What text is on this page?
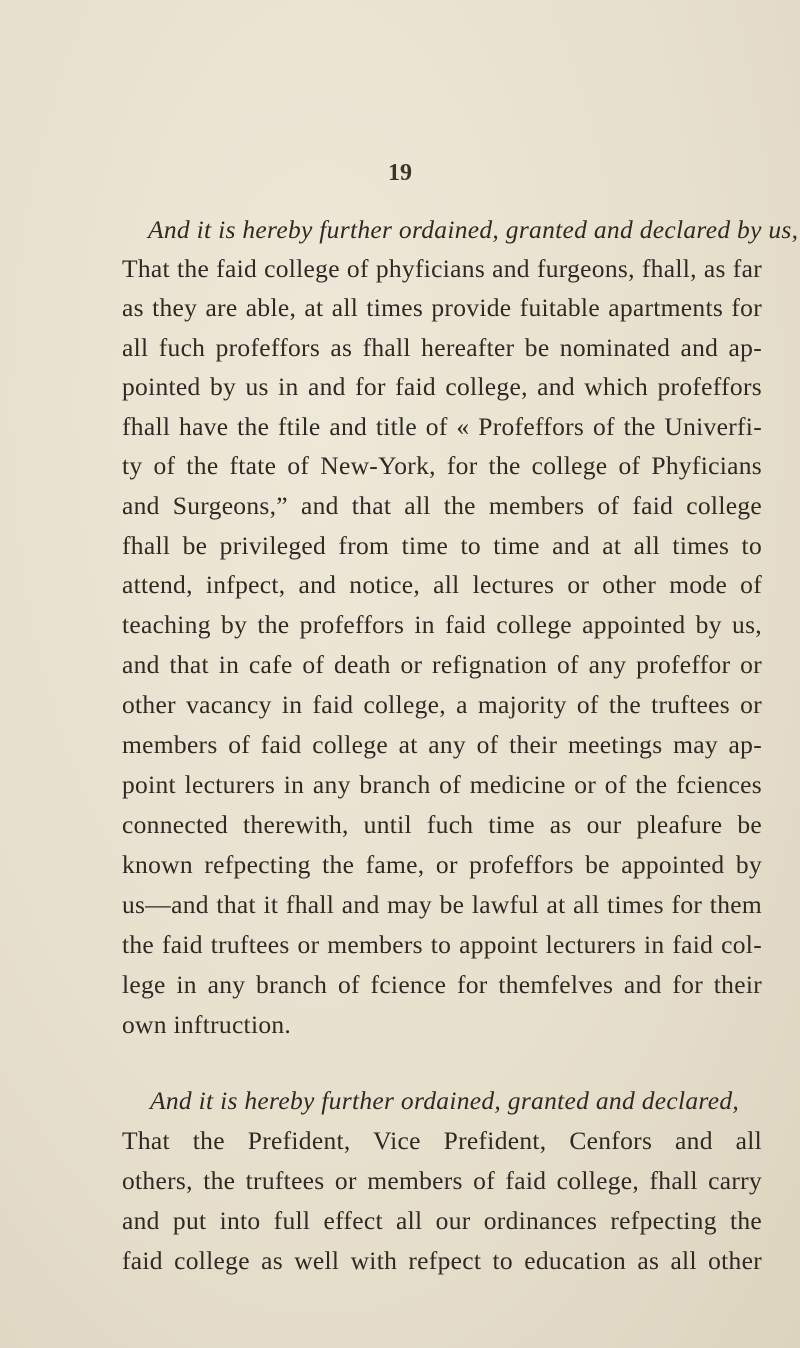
19
And it is hereby further ordained, granted and declared by us,
That the faid college of phyficians and furgeons, fhall, as far
as they are able, at all times provide fuitable apartments for
all fuch profeffors as fhall hereafter be nominated and ap-
pointed by us in and for faid college, and which profeffors
fhall have the ftile and title of « Profeffors of the Univerfi-
ty of the ftate of New-York, for the college of Phyficians
and Surgeons,” and that all the members of faid college
fhall be privileged from time to time and at all times to
attend, infpect, and notice, all lectures or other mode of
teaching by the profeffors in faid college appointed by us,
and that in cafe of death or refignation of any profeffor or
other vacancy in faid college, a majority of the truftees or
members of faid college at any of their meetings may ap-
point lecturers in any branch of medicine or of the fciences
connected therewith, until fuch time as our pleafure be
known refpecting the fame, or profeffors be appointed by
us—and that it fhall and may be lawful at all times for them
the faid truftees or members to appoint lecturers in faid col-
lege in any branch of fcience for themfelves and for their
own inftruction.
And it is hereby further ordained, granted and declared,
That the Prefident, Vice Prefident, Cenfors and all
others, the truftees or members of faid college, fhall carry
and put into full effect all our ordinances refpecting the
faid college as well with refpect to education as all other
